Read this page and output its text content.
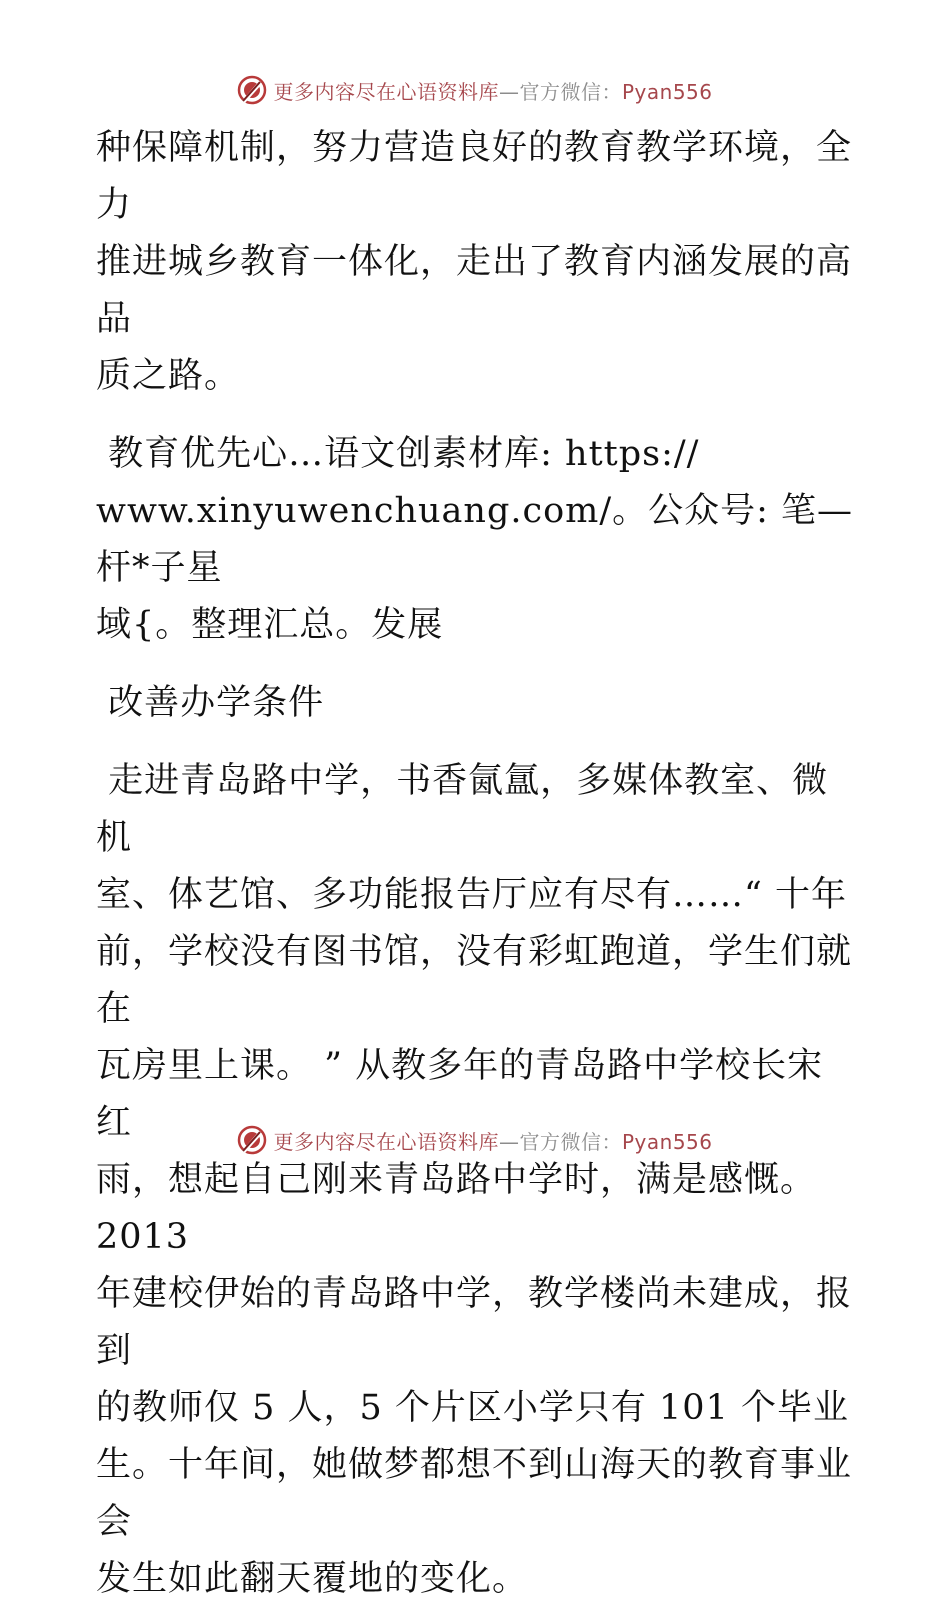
更多内容尽在心语资料库—官方微信：Pyan556

种保障机制，努力营造良好的教育教学环境，全力
推进城乡教育一体化，走出了教育内涵发展的高品
质之路。

教育优先心…语文创素材库: https://
www.xinyuwenchuang.com/。公众号: 笔—杆*子星
域{。整理汇总。发展

改善办学条件

走进青岛路中学，书香氤氲，多媒体教室、微机
室、体艺馆、多功能报告厅应有尽有……“ 十年
前，学校没有图书馆，没有彩虹跑道，学生们就在
瓦房里上课。 ” 从教多年的青岛路中学校长宋红
雨，想起自己刚来青岛路中学时，满是感慨。2013
年建校伊始的青岛路中学，教学楼尚未建成，报到
的教师仅 5 人，5 个片区小学只有 101 个毕业
生。十年间，她做梦都想不到山海天的教育事业会
发生如此翻天覆地的变化。

更多内容尽在心语资料库—官方微信：Pyan556
